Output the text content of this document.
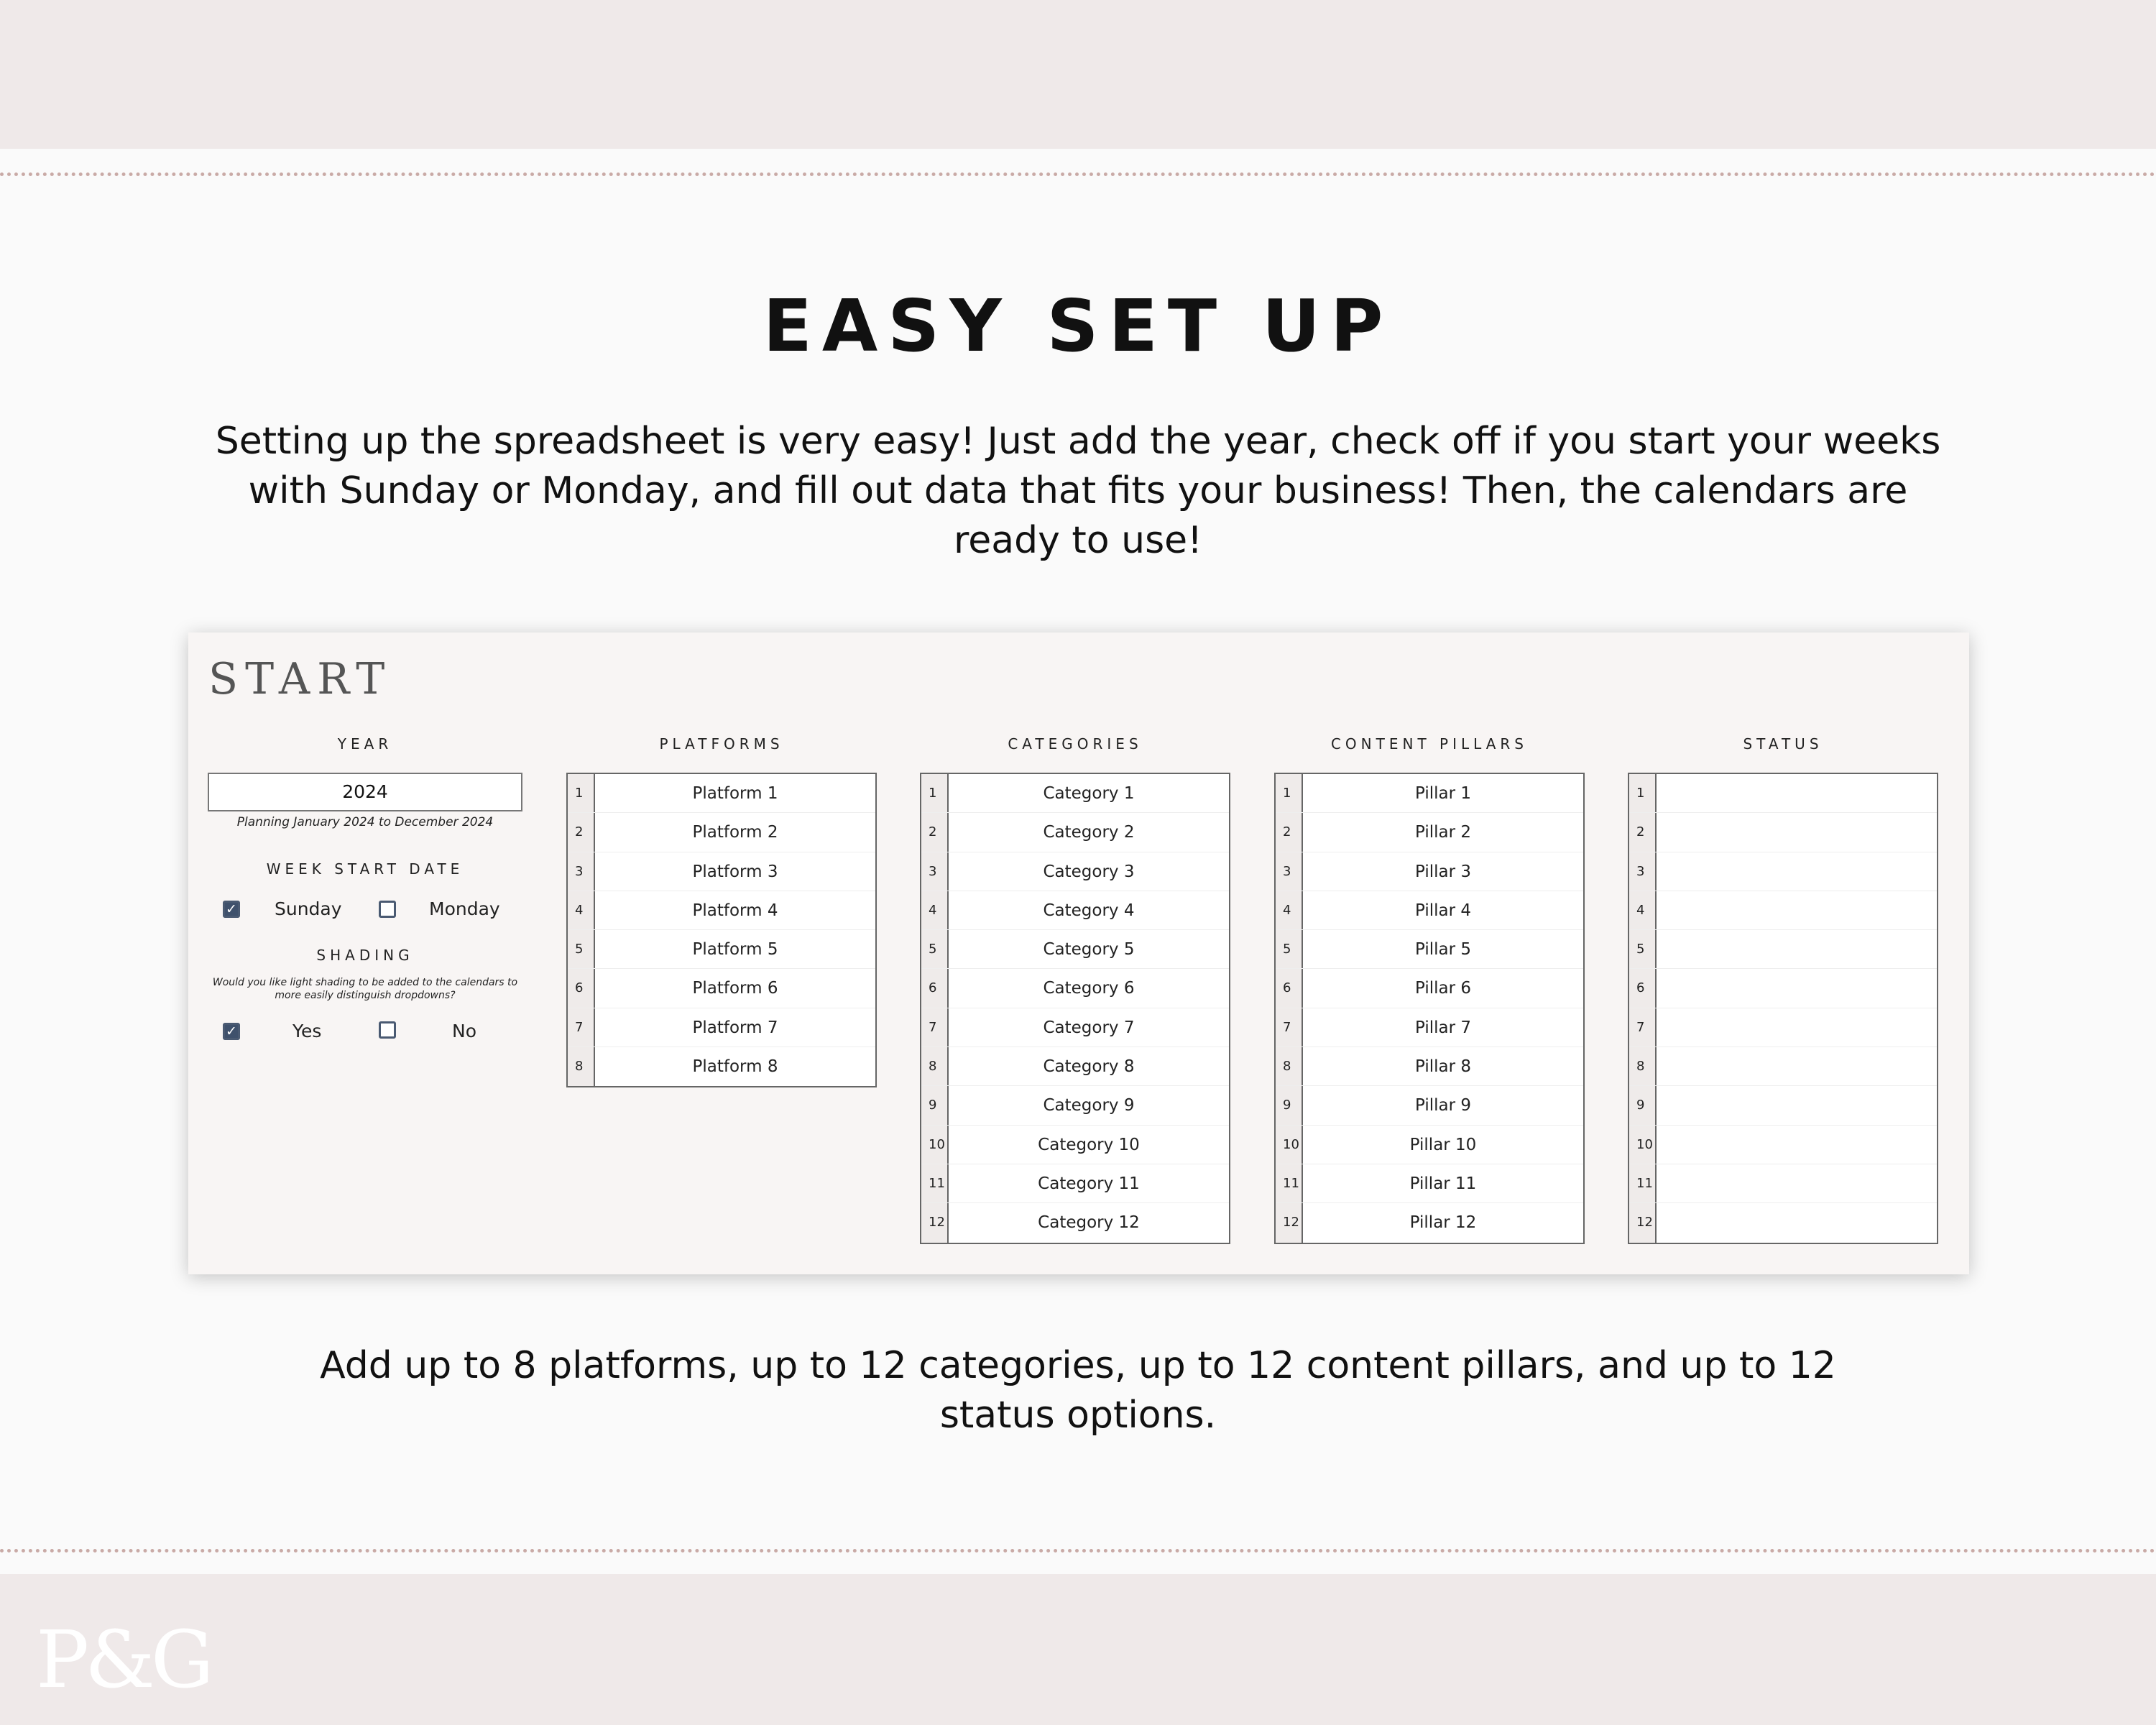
EASY SET UP
Setting up the spreadsheet is very easy! Just add the year, check off if you start your weeks
with Sunday or Monday, and fill out data that fits your business! Then, the calendars are
ready to use!
START
YEAR
2024
Planning January 2024 to December 2024
WEEK START DATE
✓ Sunday	Monday
SHADING
Would you like light shading to be added to the calendars to more easily distinguish dropdowns?
✓	Yes	No
PLATFORMS
1	Platform 1
2	Platform 2
3	Platform 3
4	Platform 4
5	Platform 5
6	Platform 6
7	Platform 7
8	Platform 8
CATEGORIES
1	Category 1
2	Category 2
3	Category 3
4	Category 4
5	Category 5
6	Category 6
7	Category 7
8	Category 8
9	Category 9
10	Category 10
11	Category 11
12	Category 12
CONTENT PILLARS
1	Pillar 1
2	Pillar 2
3	Pillar 3
4	Pillar 4
5	Pillar 5
6	Pillar 6
7	Pillar 7
8	Pillar 8
9	Pillar 9
10	Pillar 10
11	Pillar 11
12	Pillar 12
STATUS
1
2
3
4
5
6
7
8
9
10
11
12
Add up to 8 platforms, up to 12 categories, up to 12 content pillars, and up to 12
status options.
P&G
